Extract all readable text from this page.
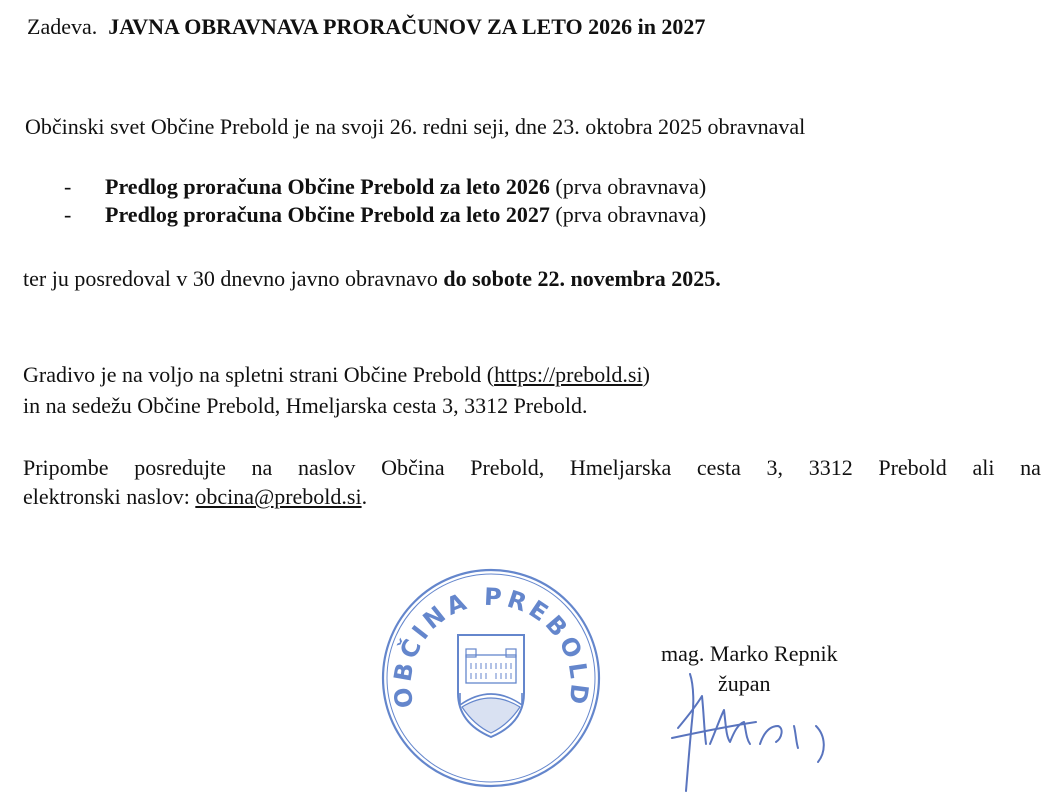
Zadeva. JAVNA OBRAVNAVA PRORAČUNOV ZA LETO 2026 in 2027
Občinski svet Občine Prebold je na svoji 26. redni seji, dne 23. oktobra 2025 obravnaval
- Predlog proračuna Občine Prebold za leto 2026 (prva obravnava)
- Predlog proračuna Občine Prebold za leto 2027 (prva obravnava)
ter ju posredoval v 30 dnevno javno obravnavo do sobote 22. novembra 2025.
Gradivo je na voljo na spletni strani Občine Prebold (https://prebold.si)
in na sedežu Občine Prebold, Hmeljarska cesta 3, 3312 Prebold.
Pripombe posredujte na naslov Občina Prebold, Hmeljarska cesta 3, 3312 Prebold ali na
elektronski naslov: obcina@prebold.si.
OBČINA PREBOLD
mag. Marko Repnik
župan
